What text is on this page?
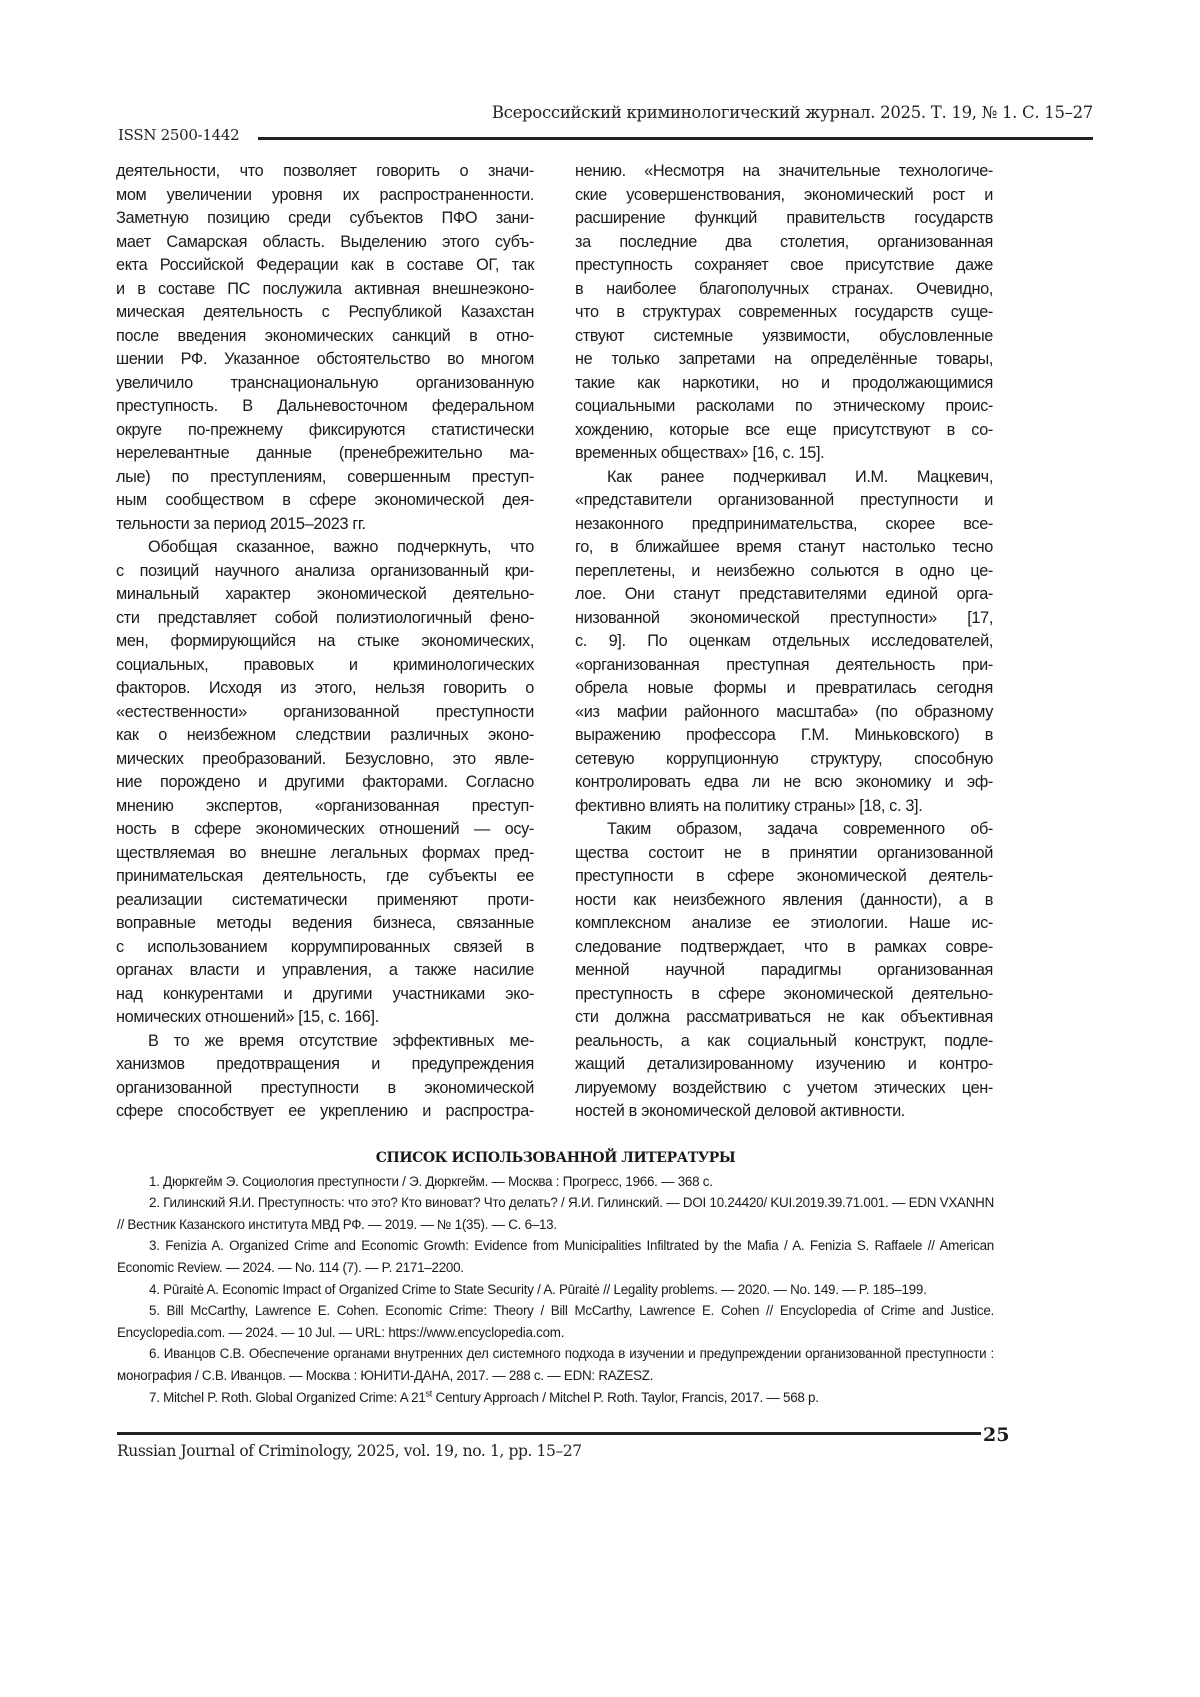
Всероссийский криминологический журнал. 2025. Т. 19, № 1. С. 15–27
ISSN 2500-1442
деятельности, что позволяет говорить о значи-
мом увеличении уровня их распространенности.
Заметную позицию среди субъектов ПФО зани-
мает Самарская область. Выделению этого субъ-
екта Российской Федерации как в составе ОГ, так
и в составе ПС послужила активная внешнеэконо-
мическая деятельность с Республикой Казахстан
после введения экономических санкций в отно-
шении РФ. Указанное обстоятельство во многом
увеличило транснациональную организованную
преступность. В Дальневосточном федеральном
округе по-прежнему фиксируются статистически
нерелевантные данные (пренебрежительно ма-
лые) по преступлениям, совершенным преступ-
ным сообществом в сфере экономической дея-
тельности за период 2015–2023 гг.
Обобщая сказанное, важно подчеркнуть, что
с позиций научного анализа организованный кри-
минальный характер экономической деятельно-
сти представляет собой полиэтиологичный фено-
мен, формирующийся на стыке экономических,
социальных, правовых и криминологических
факторов. Исходя из этого, нельзя говорить о
«естественности» организованной преступности
как о неизбежном следствии различных эконо-
мических преобразований. Безусловно, это явле-
ние порождено и другими факторами. Согласно
мнению экспертов, «организованная преступ-
ность в сфере экономических отношений — осу-
ществляемая во внешне легальных формах пред-
принимательская деятельность, где субъекты ее
реализации систематически применяют проти-
воправные методы ведения бизнеса, связанные
с использованием коррумпированных связей в
органах власти и управления, а также насилие
над конкурентами и другими участниками эко-
номических отношений» [15, с. 166].
В то же время отсутствие эффективных ме-
ханизмов предотвращения и предупреждения
организованной преступности в экономической
сфере способствует ее укреплению и распростра-
нению. «Несмотря на значительные технологиче-
ские усовершенствования, экономический рост и
расширение функций правительств государств
за последние два столетия, организованная
преступность сохраняет свое присутствие даже
в наиболее благополучных странах. Очевидно,
что в структурах современных государств суще-
ствуют системные уязвимости, обусловленные
не только запретами на определённые товары,
такие как наркотики, но и продолжающимися
социальными расколами по этническому проис-
хождению, которые все еще присутствуют в со-
временных обществах» [16, с. 15].
Как ранее подчеркивал И.М. Мацкевич,
«представители организованной преступности и
незаконного предпринимательства, скорее все-
го, в ближайшее время станут настолько тесно
переплетены, и неизбежно сольются в одно це-
лое. Они станут представителями единой орга-
низованной экономической преступности» [17,
с. 9]. По оценкам отдельных исследователей,
«организованная преступная деятельность при-
обрела новые формы и превратилась сегодня
«из мафии районного масштаба» (по образному
выражению профессора Г.М. Миньковского) в
сетевую коррупционную структуру, способную
контролировать едва ли не всю экономику и эф-
фективно влиять на политику страны» [18, с. 3].
Таким образом, задача современного об-
щества состоит не в принятии организованной
преступности в сфере экономической деятель-
ности как неизбежного явления (данности), а в
комплексном анализе ее этиологии. Наше ис-
следование подтверждает, что в рамках совре-
менной научной парадигмы организованная
преступность в сфере экономической деятельно-
сти должна рассматриваться не как объективная
реальность, а как социальный конструкт, подле-
жащий детализированному изучению и контро-
лируемому воздействию с учетом этических цен-
ностей в экономической деловой активности.
СПИСОК ИСПОЛЬЗОВАННОЙ ЛИТЕРАТУРЫ

1. Дюркгейм Э. Социология преступности / Э. Дюркгейм. — Москва : Прогресс, 1966. — 368 с.

2. Гилинский Я.И. Преступность: что это? Кто виноват? Что делать? / Я.И. Гилинский. — DOI 10.24420/ KUI.2019.39.71.001. — EDN VXANHN // Вестник Казанского института МВД РФ. — 2019. — № 1(35). — С. 6–13.

3. Fenizia A. Organized Crime and Economic Growth: Evidence from Municipalities Infiltrated by the Mafia / A. Fenizia S. Raf­faele // American Economic Review. — 2024. — No. 114 (7). — P. 2171–2200.

4. Pūraitė A. Economic Impact of Organized Crime to State Security / A. Pūraitė // Legality problems. — 2020. — No. 149. — P. 185–199.

5. Bill McCarthy, Lawrence E. Cohen. Economic Crime: Theory / Bill McCarthy, Lawrence E. Cohen // Encyclopedia of Crime and Justice. Encyclopedia.com. — 2024. — 10 Jul. — URL: https://www.encyclopedia.com.

6. Иванцов С.В. Обеспечение органами внутренних дел системного подхода в изучении и предупреждении организо­ванной преступности : монография / С.В. Иванцов. — Москва : ЮНИТИ-ДАНА, 2017. — 288 с. — EDN: RAZESZ.

7. Mitchel P. Roth. Global Organized Crime: A 21st Century Approach / Mitchel P. Roth. Taylor, Francis, 2017. — 568 p.

25
Russian Journal of Criminology, 2025, vol. 19, no. 1, pp. 15–27
